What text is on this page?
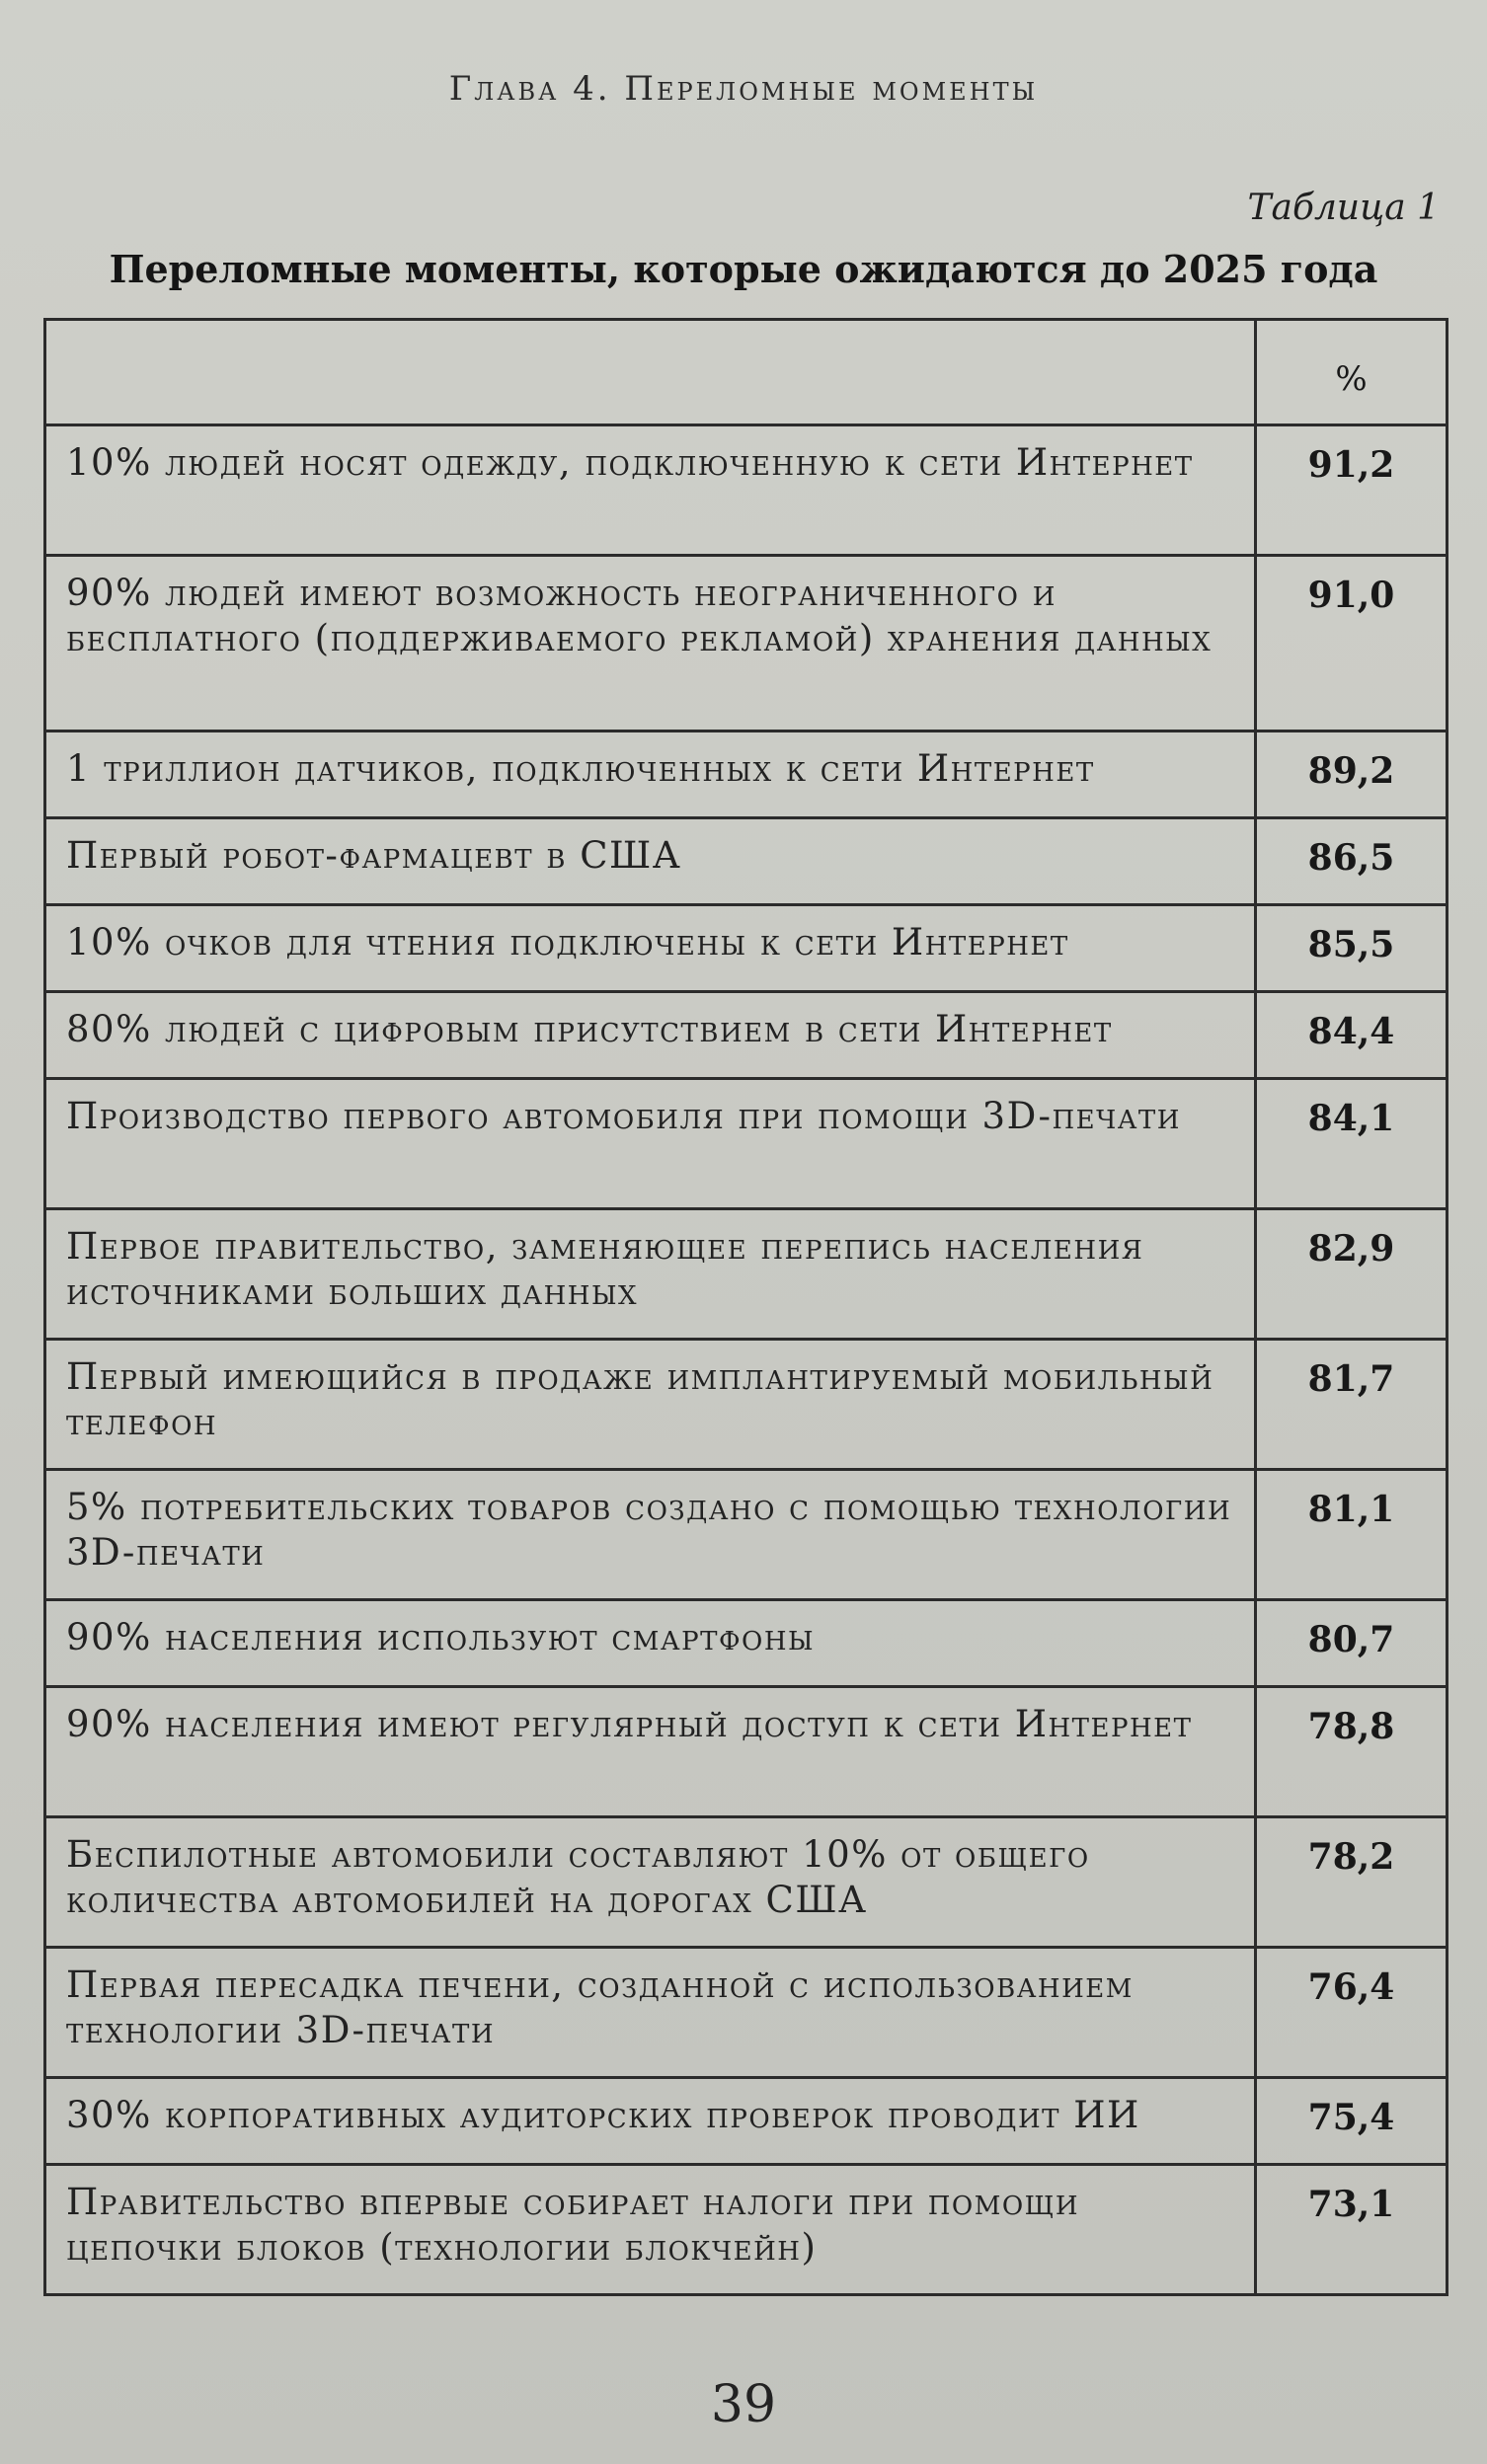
Глава 4. Переломные моменты
Таблица 1
Переломные моменты, которые ожидаются до 2025 года
	%
10% людей носят одежду, подключенную к сети Интернет	91,2
90% людей имеют возможность неограниченного и бесплатного (поддерживаемого рекламой) хранения данных	91,0
1 триллион датчиков, подключенных к сети Интернет	89,2
Первый робот-фармацевт в США	86,5
10% очков для чтения подключены к сети Интернет	85,5
80% людей с цифровым присутствием в сети Интернет	84,4
Производство первого автомобиля при помощи 3D-печати	84,1
Первое правительство, заменяющее перепись населения источниками больших данных	82,9
Первый имеющийся в продаже имплантируемый мобильный телефон	81,7
5% потребительских товаров создано с помощью технологии 3D-печати	81,1
90% населения используют смартфоны	80,7
90% населения имеют регулярный доступ к сети Интернет	78,8
Беспилотные автомобили составляют 10% от общего количества автомобилей на дорогах США	78,2
Первая пересадка печени, созданной с использованием технологии 3D-печати	76,4
30% корпоративных аудиторских проверок проводит ИИ	75,4
Правительство впервые собирает налоги при помощи цепочки блоков (технологии блокчейн)	73,1
39
